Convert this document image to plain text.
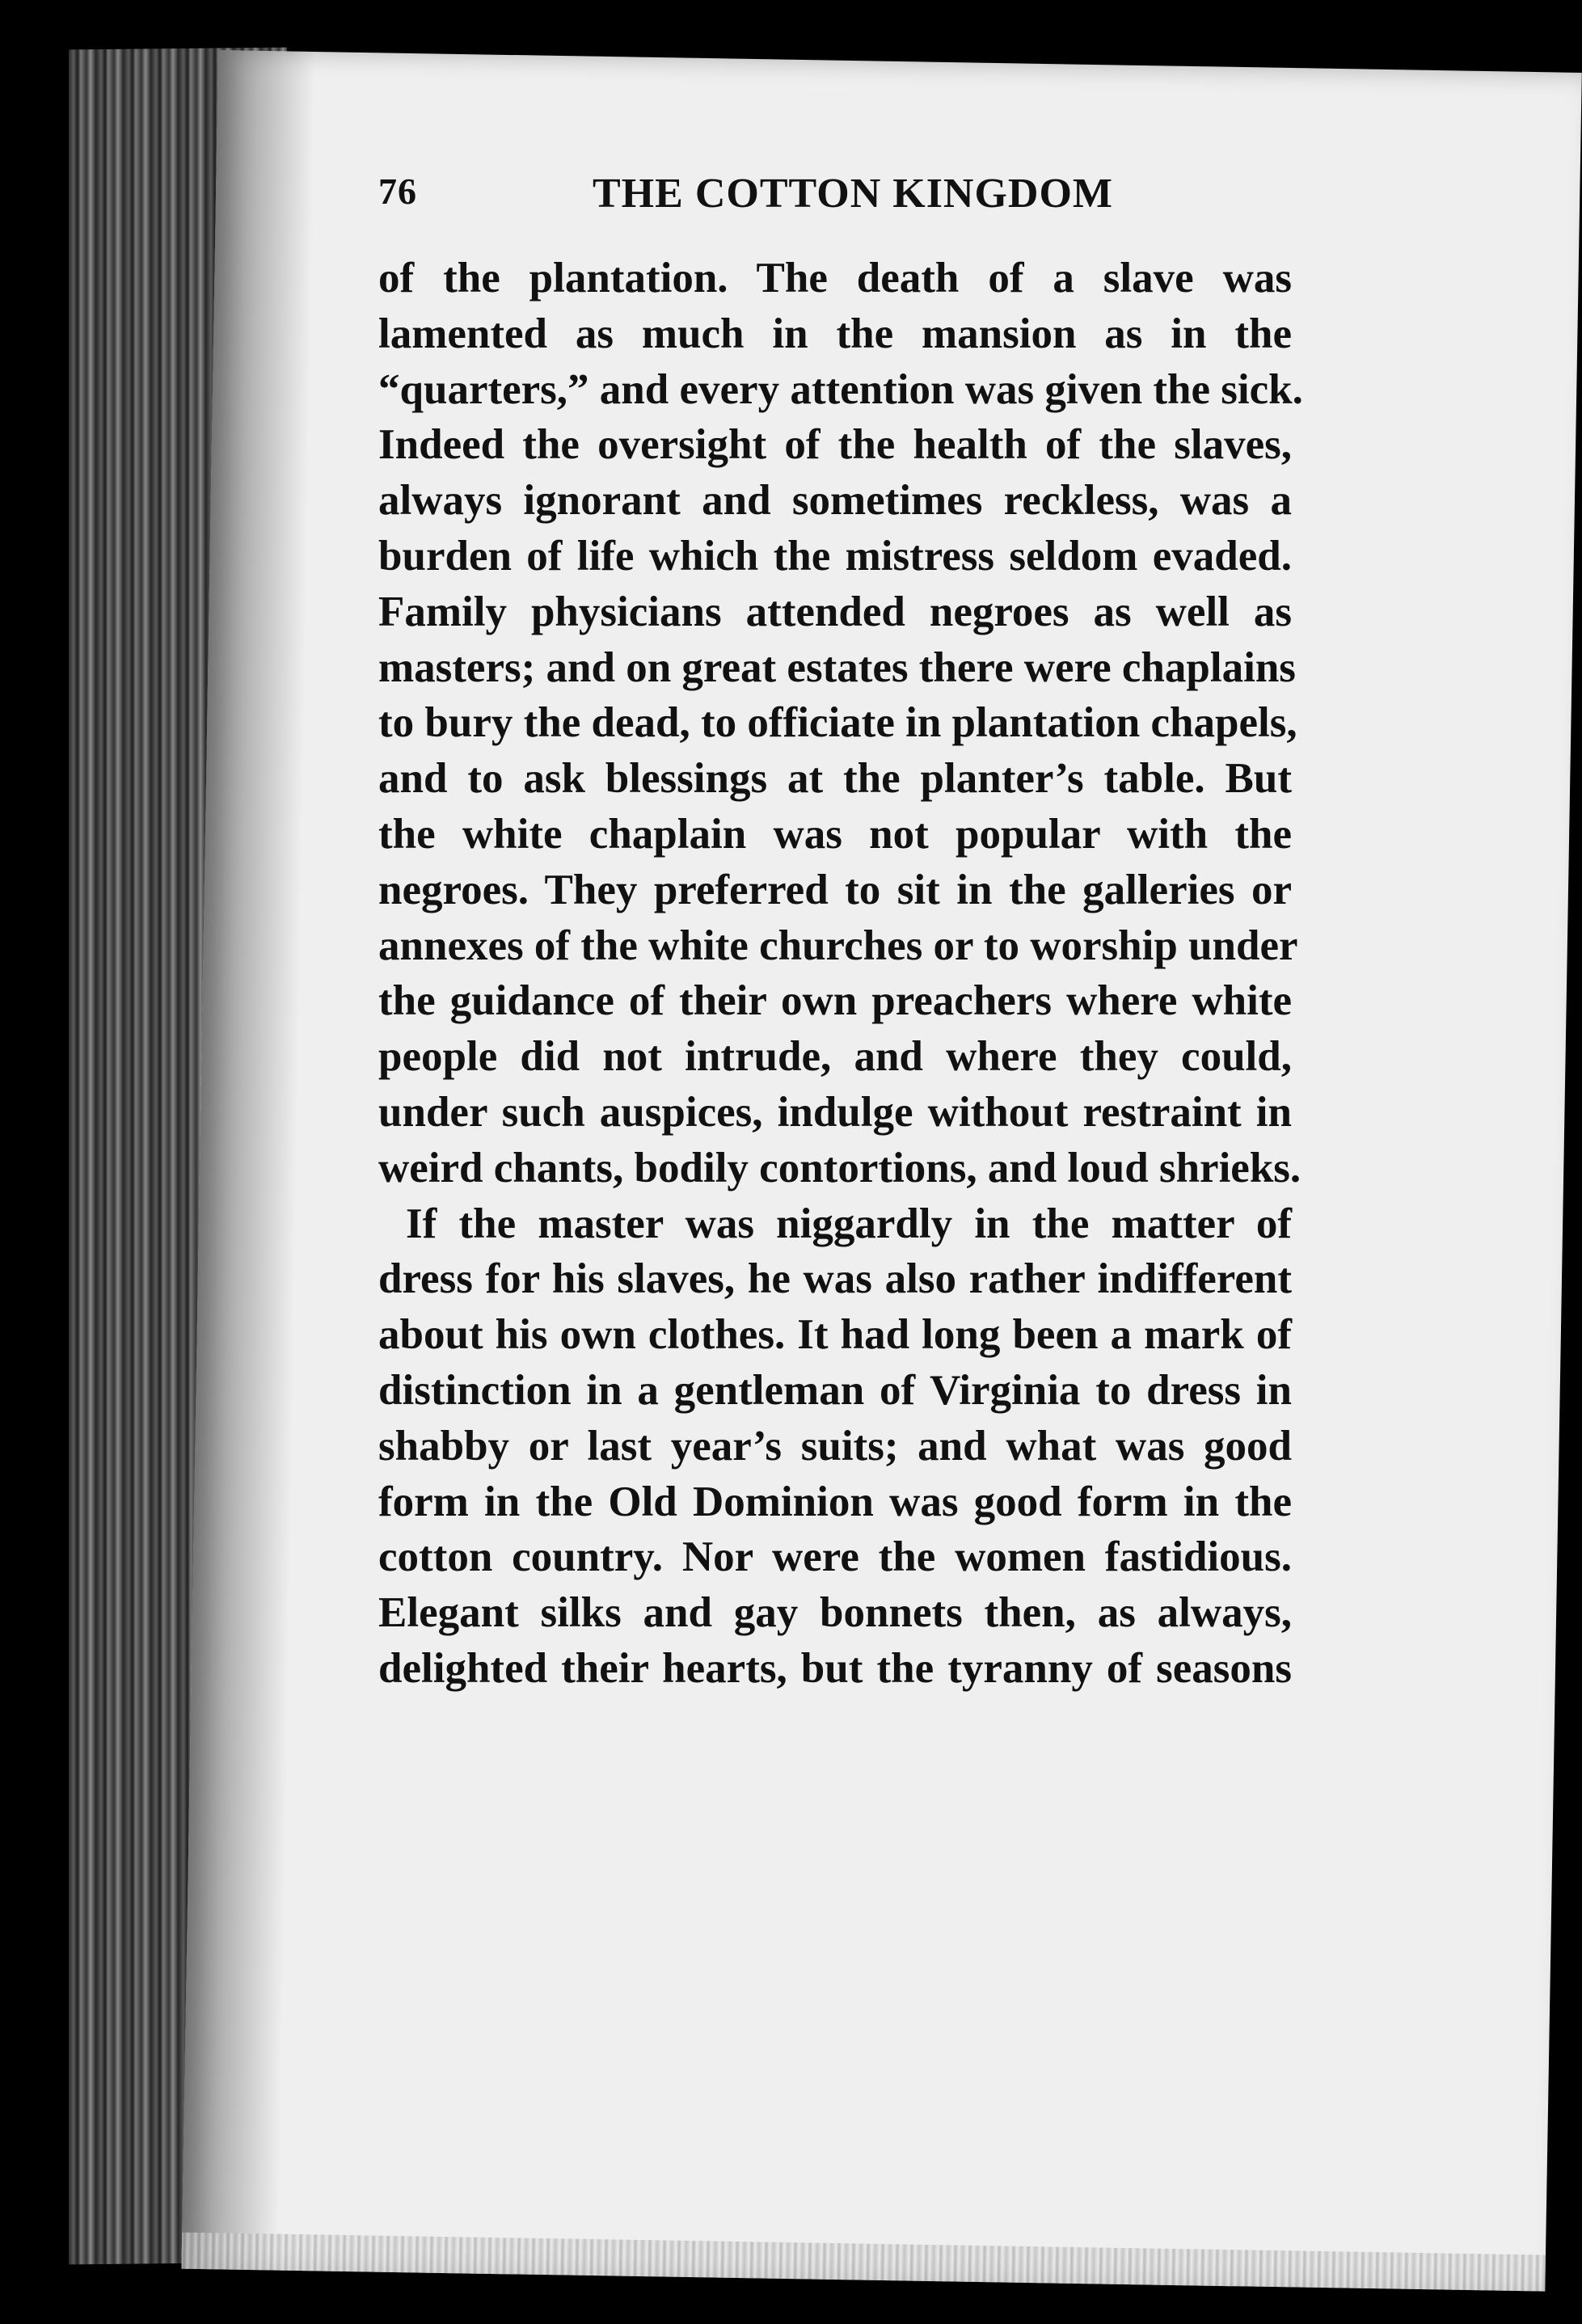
76	THE COTTON KINGDOM
of the plantation. The death of a slave was
lamented as much in the mansion as in the
“quarters,” and every attention was given the sick.
Indeed the oversight of the health of the slaves,
always ignorant and sometimes reckless, was a
burden of life which the mistress seldom evaded.
Family physicians attended negroes as well as
masters; and on great estates there were chaplains
to bury the dead, to officiate in plantation chapels,
and to ask blessings at the planter’s table. But
the white chaplain was not popular with the
negroes. They preferred to sit in the galleries or
annexes of the white churches or to worship under
the guidance of their own preachers where white
people did not intrude, and where they could,
under such auspices, indulge without restraint in
weird chants, bodily contortions, and loud shrieks.
If the master was niggardly in the matter of
dress for his slaves, he was also rather indifferent
about his own clothes. It had long been a mark of
distinction in a gentleman of Virginia to dress in
shabby or last year’s suits; and what was good
form in the Old Dominion was good form in the
cotton country. Nor were the women fastidious.
Elegant silks and gay bonnets then, as always,
delighted their hearts, but the tyranny of seasons
